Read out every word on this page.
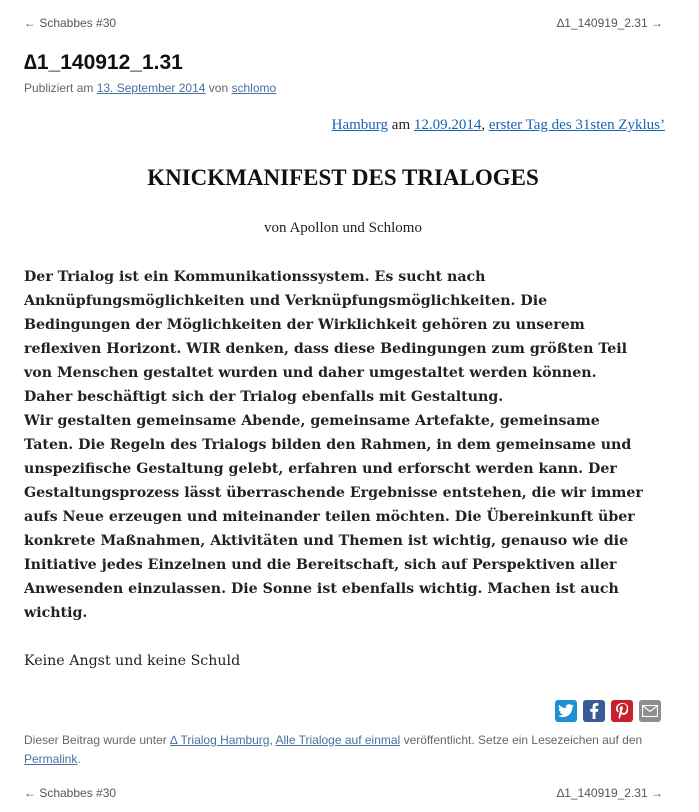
← Schabbes #30	∆1_140919_2.31 →
∆1_140912_1.31
Publiziert am 13. September 2014 von schlomo
Hamburg am 12.09.2014, erster Tag des 31sten Zyklus’
KNICKMANIFEST DES TRIALOGES
von Apollon und Schlomo
Der Trialog ist ein Kommunikationssystem. Es sucht nach
Anknüpfungsmöglichkeiten und Verknüpfungsmöglichkeiten. Die
Bedingungen der Möglichkeiten der Wirklichkeit gehören zu unserem
reflexiven Horizont. WIR denken, dass diese Bedingungen zum größten Teil
von Menschen gestaltet wurden und daher umgestaltet werden können.
Daher beschäftigt sich der Trialog ebenfalls mit Gestaltung.
Wir gestalten gemeinsame Abende, gemeinsame Artefakte, gemeinsame
Taten. Die Regeln des Trialogs bilden den Rahmen, in dem gemeinsame und
unspezifische Gestaltung gelebt, erfahren und erforscht werden kann. Der
Gestaltungsprozess lässt überraschende Ergebnisse entstehen, die wir immer
aufs Neue erzeugen und miteinander teilen möchten. Die Übereinkunft über
konkrete Maßnahmen, Aktivitäten und Themen ist wichtig, genauso wie die
Initiative jedes Einzelnen und die Bereitschaft, sich auf Perspektiven aller
Anwesenden einzulassen. Die Sonne ist ebenfalls wichtig. Machen ist auch
wichtig.
Keine Angst und keine Schuld
Dieser Beitrag wurde unter ∆ Trialog Hamburg, Alle Trialoge auf einmal veröffentlicht. Setze ein Lesezeichen auf den Permalink.
← Schabbes #30	∆1_140919_2.31 →
